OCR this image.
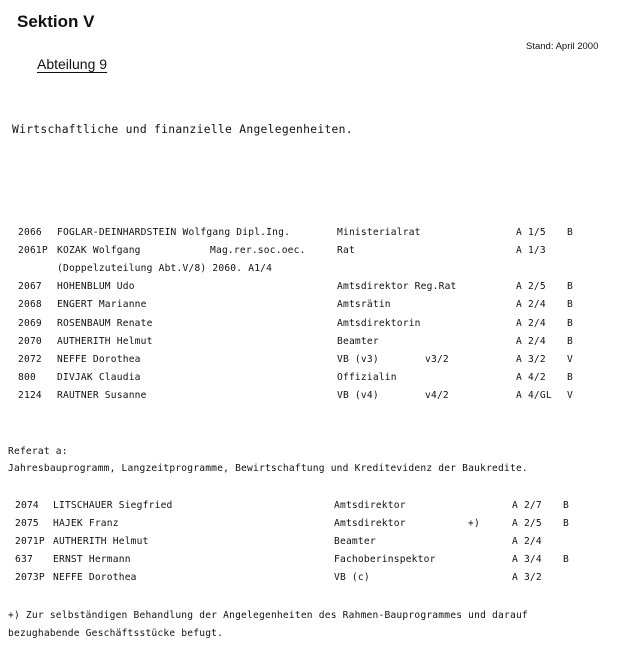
Sektion V
Stand: April 2000
Abteilung 9
Wirtschaftliche und finanzielle Angelegenheiten.
2066 FOGLAR-DEINHARDSTEIN Wolfgang Dipl.Ing.	Ministerialrat	A 1/5 B
2061P KOZAK Wolfgang	Mag.rer.soc.oec.	Rat	A 1/3
(Doppelzuteilung Abt.V/8) 2060. A1/4
2067 HOHENBLUM Udo	Amtsdirektor Reg.Rat	A 2/5 B
2068 ENGERT Marianne	Amtsrätin	A 2/4 B
2069 ROSENBAUM Renate	Amtsdirektorin	A 2/4 B
2070 AUTHERITH Helmut	Beamter	A 2/4 B
2072 NEFFE Dorothea	VB (v3)	v3/2	A 3/2 V
800 DIVJAK Claudia	Offizialin	A 4/2 B
2124 RAUTNER Susanne	VB (v4)	v4/2	A 4/GL V
2074 LITSCHAUER Siegfried	Amtsdirektor	A 2/7 B
2075 HAJEK Franz	Amtsdirektor	+)	A 2/5 B
2071P AUTHERITH Helmut	Beamter	A 2/4
637 ERNST Hermann	Fachoberinspektor	A 3/4 B
2073P NEFFE Dorothea	VB (c)	A 3/2
Referat a:
Jahresbauprogramm, Langzeitprogramme, Bewirtschaftung und Kreditevidenz der Baukredite.
+) Zur selbständigen Behandlung der Angelegenheiten des Rahmen-Bauprogrammes und darauf
bezughabende Geschäftsstücke befugt.
